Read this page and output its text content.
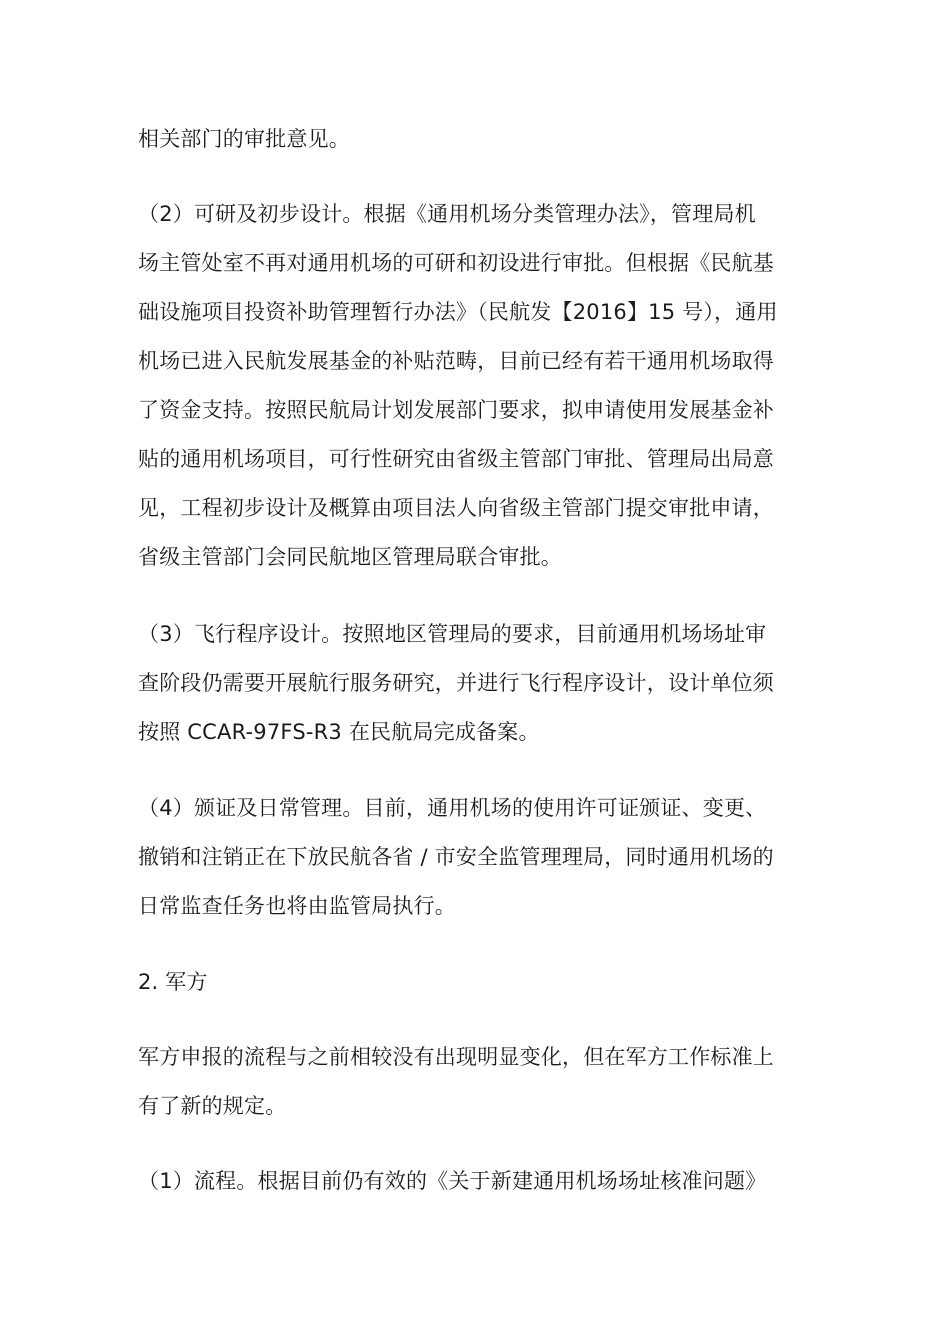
相关部门的审批意见。
（2）可研及初步设计。根据《通用机场分类管理办法》，管理局机
场主管处室不再对通用机场的可研和初设进行审批。但根据《民航基
础设施项目投资补助管理暂行办法》（民航发【2016】15 号），通用
机场已进入民航发展基金的补贴范畴，目前已经有若干通用机场取得
了资金支持。按照民航局计划发展部门要求，拟申请使用发展基金补
贴的通用机场项目，可行性研究由省级主管部门审批、管理局出局意
见，工程初步设计及概算由项目法人向省级主管部门提交审批申请，
省级主管部门会同民航地区管理局联合审批。
（3）飞行程序设计。按照地区管理局的要求，目前通用机场场址审
查阶段仍需要开展航行服务研究，并进行飞行程序设计，设计单位须
按照 CCAR-97FS-R3 在民航局完成备案。
（4）颁证及日常管理。目前，通用机场的使用许可证颁证、变更、
撤销和注销正在下放民航各省 / 市安全监管理理局，同时通用机场的
日常监查任务也将由监管局执行。
2. 军方
军方申报的流程与之前相较没有出现明显变化，但在军方工作标准上
有了新的规定。
（1）流程。根据目前仍有效的《关于新建通用机场场址核准问题》
